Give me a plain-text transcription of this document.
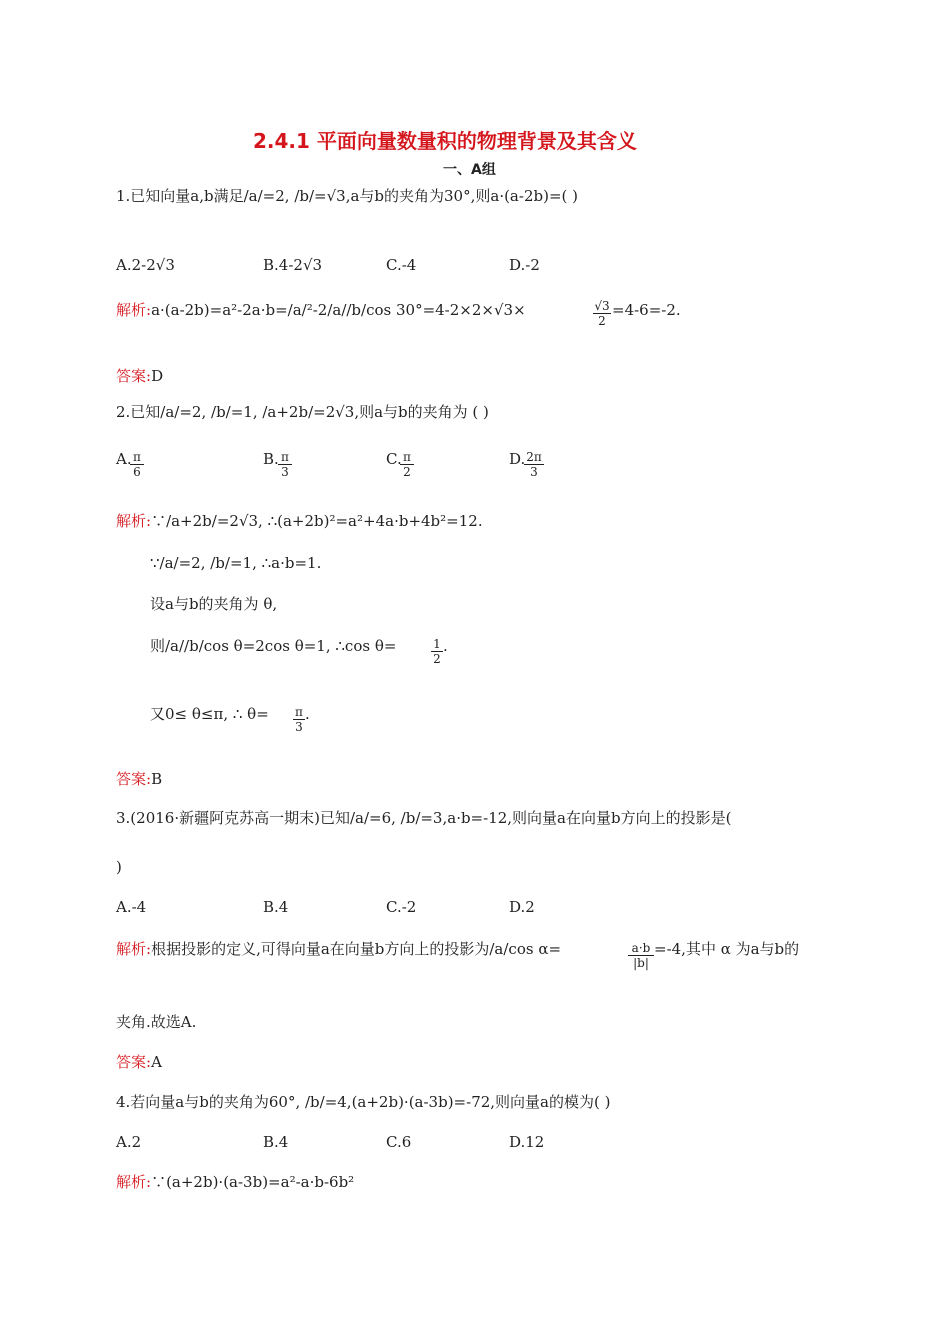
2.4.1 平面向量数量积的物理背景及其含义
一、A组
1.已知向量a,b满足/a/=2, /b/=√3,a与b的夹角为30°,则a·(a-2b)=( )
A.2-2√3	B.4-2√3	C.-4	D.-2
解析:a·(a-2b)=a²-2a·b=/a/²-2/a//b/cos 30°=4-2×2×√3×	$\frac{√3}{2} =4-6=-2$.
答案:D
2.已知/a/=2, /b/=1, /a+2b/=2√3,则a与b的夹角为 ( )
A.
$\frac{\pi}{6}$	B. $\frac{\pi}{3}$	C.
$\frac{\pi}{2}$	D.
$\frac{2\pi}{3}$
解析:∵/a+2b/=2√3, ∴(a+2b)²=a²+4a·b+4b²=12.
∵/a/=2, /b/=1, ∴a·b=1.
设a与b的夹角为 θ,
则/a//b/cos θ=2cos θ=1, ∴cos θ=	$\frac{1}{2}$ .
又0≤ θ≤π, ∴ $\theta= \frac{\pi}{3}$ .
答案:B
3.(2016·新疆阿克苏高一期末)已知/a/=6, /b/=3,a·b=-12,则向量a在向量b方向上的投影是(
)
A.-4	B.4	C.-2	D.2
解析:根据投影的定义,可得向量a在向量b方向上的投影为/a/cos α=	$\frac{a\cdot b}{|b|} =-4$,其中 α 为a与b的
夹角.故选A.
答案:A
4.若向量a与b的夹角为60°, /b/=4,(a+2b)·(a-3b)=-72,则向量a的模为( )
A.2	B.4	C.6	D.12
解析:∵(a+2b)·(a-3b)=a²-a·b-6b²
